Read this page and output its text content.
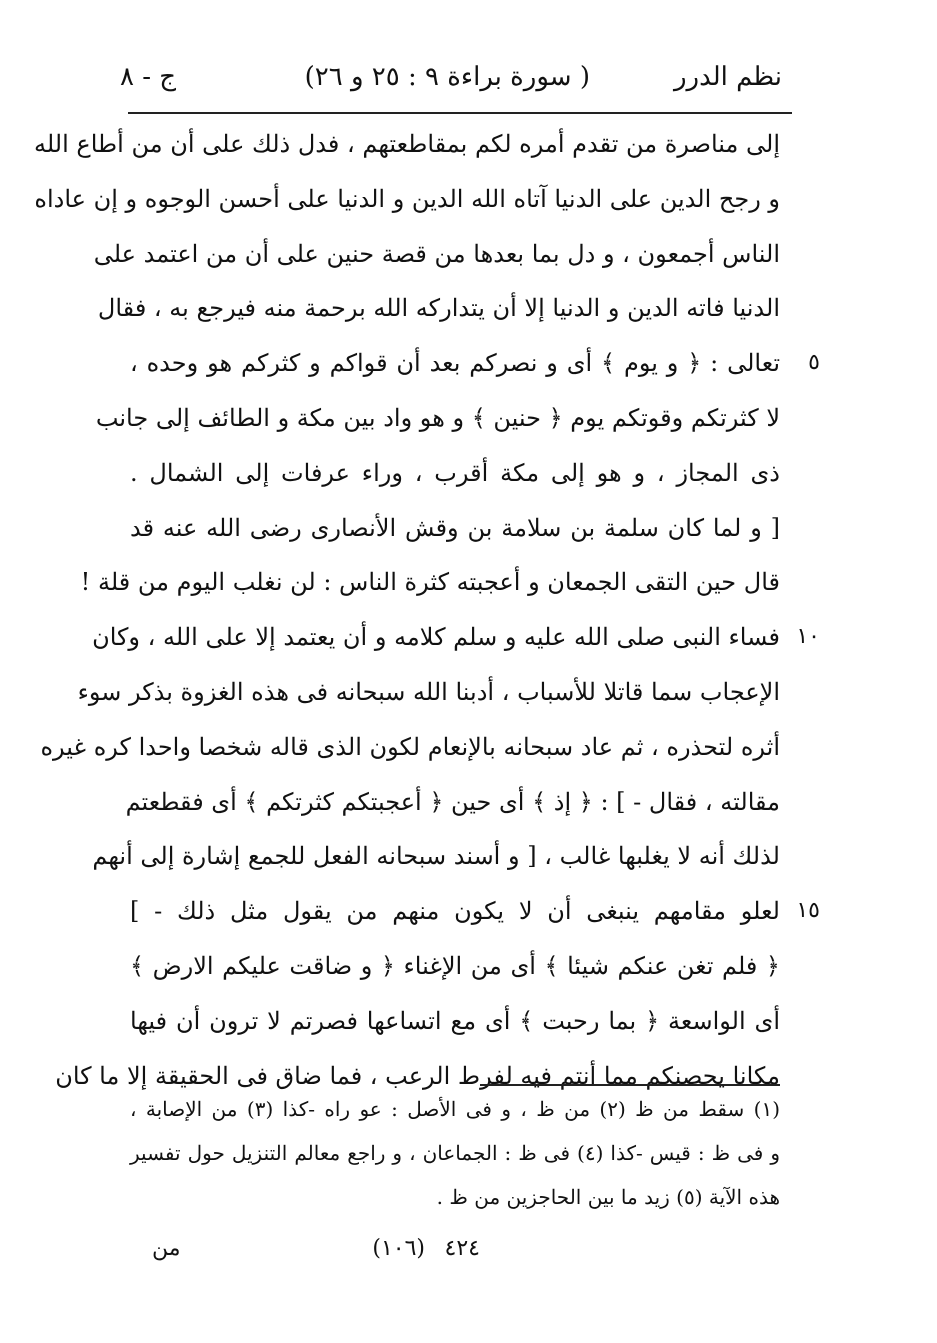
نظم الدرر
( سورة براءة ٩ : ٢٥ و ٢٦)
ج - ٨
إلى مناصرة من تقدم أمره لكم بمقاطعتهم ، فدل ذلك على أن من أطاع الله
و رجح الدين على الدنيا آتاه الله الدين و الدنيا على أحسن الوجوه و إن عاداه
الناس أجمعون ، و دل بما بعدها من قصة حنين على أن من اعتمد على
الدنيا فاته الدين و الدنيا إلا أن يتداركه الله برحمة منه فيرجع به ، فقال
تعالى : ﴿ و يوم ﴾ أى و نصركم بعد أن قواكم و كثركم هو وحده ،	٥
لا كثرتكم وقوتكم يوم ﴿ حنين ﴾ و هو واد بين مكة و الطائف إلى جانب
ذى المجاز ، و هو إلى مكة أقرب ، وراء عرفات إلى الشمال .
[ و لما كان سلمة بن سلامة بن وقش الأنصارى رضى الله عنه قد
قال حين التقى الجمعان و أعجبته كثرة الناس : لن نغلب اليوم من قلة !
فساء النبى صلى الله عليه و سلم كلامه و أن يعتمد إلا على الله ، وكان ١٠
الإعجاب سما قاتلا للأسباب ، أدبنا الله سبحانه فى هذه الغزوة بذكر سوء
أثره لتحذره ، ثم عاد سبحانه بالإنعام لكون الذى قاله شخصا واحدا كره غيره
مقالته ، فقال - ] : ﴿ إذ ﴾ أى حين ﴿ أعجبتكم كثرتكم ﴾ أى فقطعتم
لذلك أنه لا يغلبها غالب ، [ و أسند سبحانه الفعل للجمع إشارة إلى أنهم
لعلو مقامهم ينبغى أن لا يكون منهم من يقول مثل ذلك - ] ١٥
﴿ فلم تغن عنكم شيئا ﴾ أى من الإغناء ﴿ و ضاقت عليكم الارض ﴾
أى الواسعة ﴿ بما رحبت ﴾ أى مع اتساعها فصرتم لا ترون أن فيها
مكانا يحصنكم مما أنتم فيه لفرط الرعب ، فما ضاق فى الحقيقة إلا ما كان
(١) سقط من ظ (٢) من ظ ، و فى الأصل : عو راه -كذا (٣) من الإصابة ،
و فى ظ : قيس -كذا (٤) فى ظ : الجماعان ، و راجع معالم التنزيل حول تفسير
هذه الآية (٥) زيد ما بين الحاجزين من ظ .
٤٢٤
(١٠٦)
من
